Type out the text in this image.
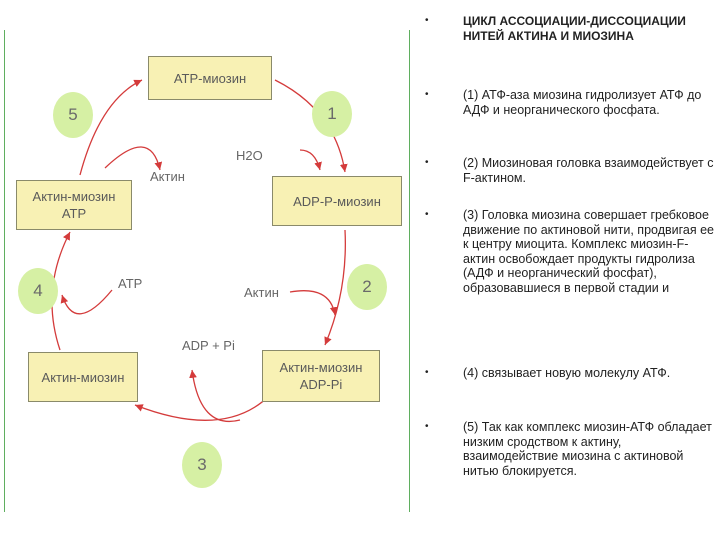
ATP-миозин
ADP-P-миозин
Актин-миозин
ADP-Pi
Актин-миозин
Актин-миозин
ATP
1
2
3
4
5
H2O
Актин
Актин
ATP
ADP + Pi
•	ЦИКЛ АССОЦИАЦИИ-ДИССОЦИАЦИИ НИТЕЙ АКТИНА И МИОЗИНА
•	(1) АТФ-аза миозина гидролизует АТФ до АДФ и неорганического фосфата.
•	(2) Миозиновая головка взаимодействует с F-актином.
•	(3) Головка миозина совершает гребковое движение по актиновой нити, продвигая ее к центру миоцита. Комплекс миозин-F-актин освобождает продукты гидролиза (АДФ и неорганический фосфат), образовавшиеся в первой стадии и
•	(4) связывает новую молекулу АТФ.
•	(5) Так как комплекс миозин-АТФ обладает низким сродством к актину, взаимодействие миозина с актиновой нитью блокируется.
